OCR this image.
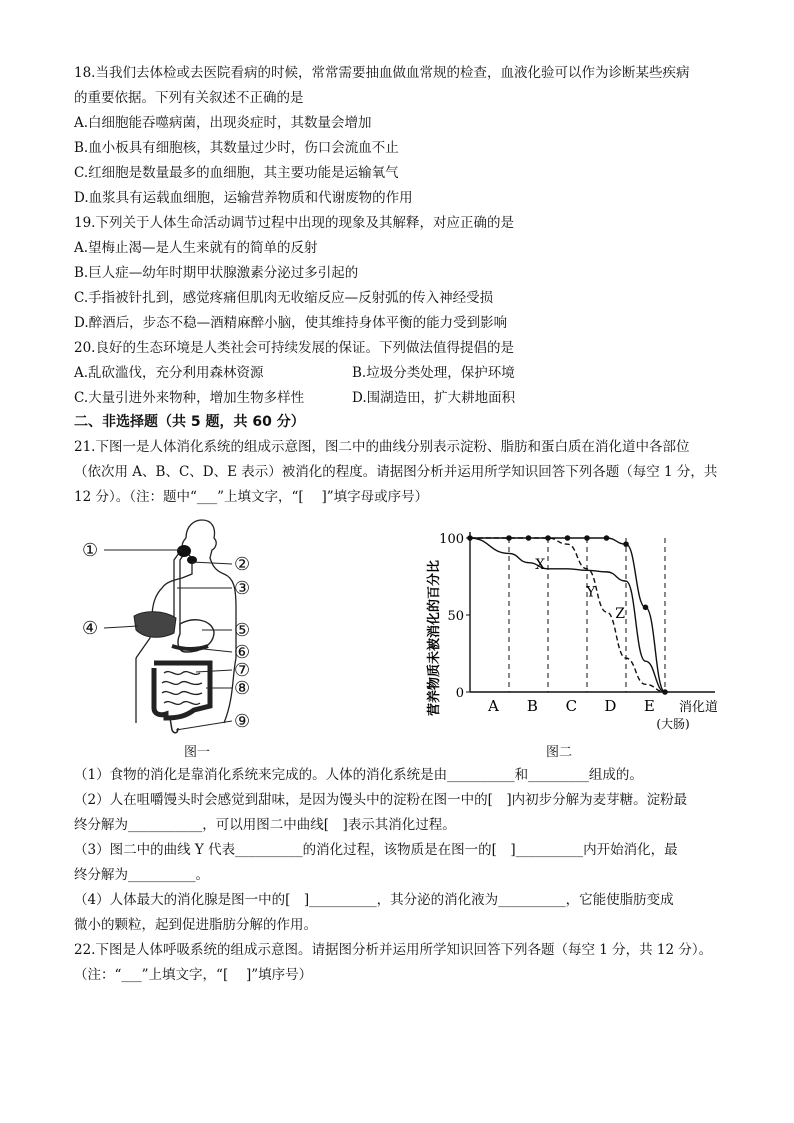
18.当我们去体检或去医院看病的时候，常常需要抽血做血常规的检查，血液化验可以作为诊断某些疾病
的重要依据。下列有关叙述不正确的是
A.白细胞能吞噬病菌，出现炎症时，其数量会增加
B.血小板具有细胞核，其数量过少时，伤口会流血不止
C.红细胞是数量最多的血细胞，其主要功能是运输氧气
D.血浆具有运载血细胞，运输营养物质和代谢废物的作用
19.下列关于人体生命活动调节过程中出现的现象及其解释，对应正确的是
A.望梅止渴—是人生来就有的简单的反射
B.巨人症—幼年时期甲状腺激素分泌过多引起的
C.手指被针扎到，感觉疼痛但肌肉无收缩反应—反射弧的传入神经受损
D.醉酒后，步态不稳—酒精麻醉小脑，使其维持身体平衡的能力受到影响
20.良好的生态环境是人类社会可持续发展的保证。下列做法值得提倡的是
A.乱砍滥伐，充分利用森林资源	B.垃圾分类处理，保护环境
C.大量引进外来物种，增加生物多样性	D.围湖造田，扩大耕地面积
二、非选择题（共 5 题，共 60 分）
21.下图一是人体消化系统的组成示意图，图二中的曲线分别表示淀粉、脂肪和蛋白质在消化道中各部位
（依次用 A、B、C、D、E 表示）被消化的程度。请据图分析并运用所学知识回答下列各题（每空 1 分，共
12 分）。（注：题中“___”上填文字，“[　 ]”填字母或序号）
①
②
③
④	⑤
⑥
⑦
⑧
⑨
图一
0
50
100
A B C D E 消化道
(大肠)
营养物质未被消化的百分比	X
Y
Z
图二
（1）食物的消化是靠消化系统来完成的。人体的消化系统是由__________和_________组成的。
（2）人在咀嚼馒头时会感觉到甜味，是因为馒头中的淀粉在图一中的[　]内初步分解为麦芽糖。淀粉最
终分解为___________，可以用图二中曲线[　]表示其消化过程。
（3）图二中的曲线 Y 代表__________的消化过程，该物质是在图一的[　]__________内开始消化，最
终分解为__________。
（4）人体最大的消化腺是图一中的[　]__________，其分泌的消化液为__________，它能使脂肪变成
微小的颗粒，起到促进脂肪分解的作用。
22.下图是人体呼吸系统的组成示意图。请据图分析并运用所学知识回答下列各题（每空 1 分，共 12 分）。
（注：“___”上填文字，“[　 ]”填序号）
